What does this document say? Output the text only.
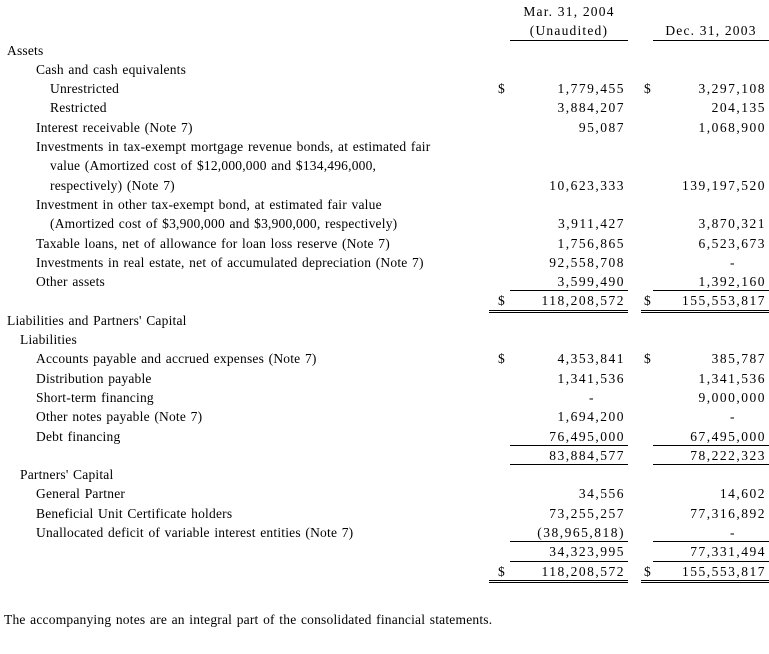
Mar. 31, 2004
(Unaudited)	Dec. 31, 2003
Assets
Cash and cash equivalents
Unrestricted	$	1,779,455 $	3,297,108
Restricted	3,884,207	204,135
Interest receivable (Note 7)	95,087	1,068,900
Investments in tax-exempt mortgage revenue bonds, at estimated fair
value (Amortized cost of $12,000,000 and $134,496,000,
respectively) (Note 7)	10,623,333	139,197,520
Investment in other tax-exempt bond, at estimated fair value
(Amortized cost of $3,900,000 and $3,900,000, respectively)	3,911,427	3,870,321
Taxable loans, net of allowance for loan loss reserve (Note 7)	1,756,865	6,523,673
Investments in real estate, net of accumulated depreciation (Note 7)	92,558,708	-
Other assets	3,599,490	1,392,160
$	118,208,572 $	155,553,817
Liabilities and Partners' Capital
Liabilities
Accounts payable and accrued expenses (Note 7)	$	4,353,841 $	385,787
Distribution payable	1,341,536	1,341,536
Short-term financing	-	9,000,000
Other notes payable (Note 7)	1,694,200	-
Debt financing	76,495,000	67,495,000
83,884,577	78,222,323
Partners' Capital
General Partner	34,556	14,602
Beneficial Unit Certificate holders	73,255,257	77,316,892
Unallocated deficit of variable interest entities (Note 7)	(38,965,818)	-
34,323,995	77,331,494
$	118,208,572 $	155,553,817
The accompanying notes are an integral part of the consolidated financial statements.
